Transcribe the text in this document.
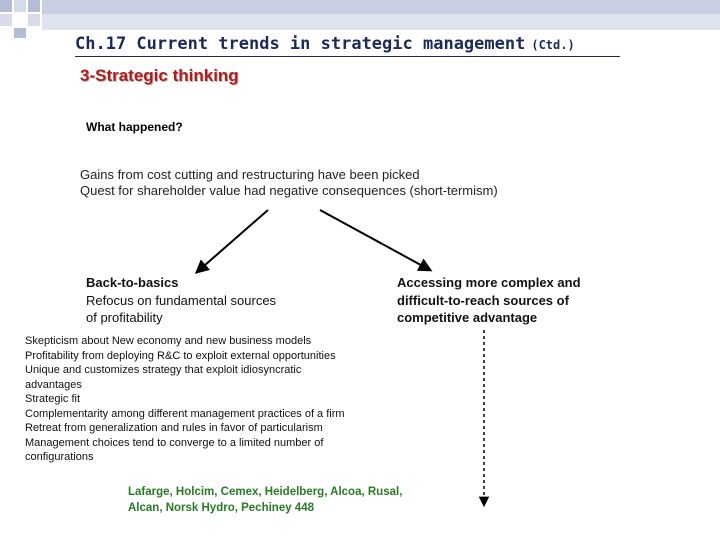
Ch.17 Current trends in strategic management (Ctd.)
3-Strategic thinking
What happened?
Gains from cost cutting and restructuring have been picked
Quest for shareholder value had negative consequences (short-termism)
Back-to-basics
Refocus on fundamental sources
of profitability
Accessing more complex and
difficult-to-reach sources of
competitive advantage
Skepticism about New economy and new business models
Profitability from deploying R&C to exploit external opportunities
Unique and customizes strategy that exploit idiosyncratic
advantages
Strategic fit
Complementarity among different management practices of a firm
Retreat from generalization and rules in favor of particularism
Management choices tend to converge to a limited number of
configurations
Lafarge, Holcim, Cemex, Heidelberg, Alcoa, Rusal,
Alcan, Norsk Hydro, Pechiney 448
